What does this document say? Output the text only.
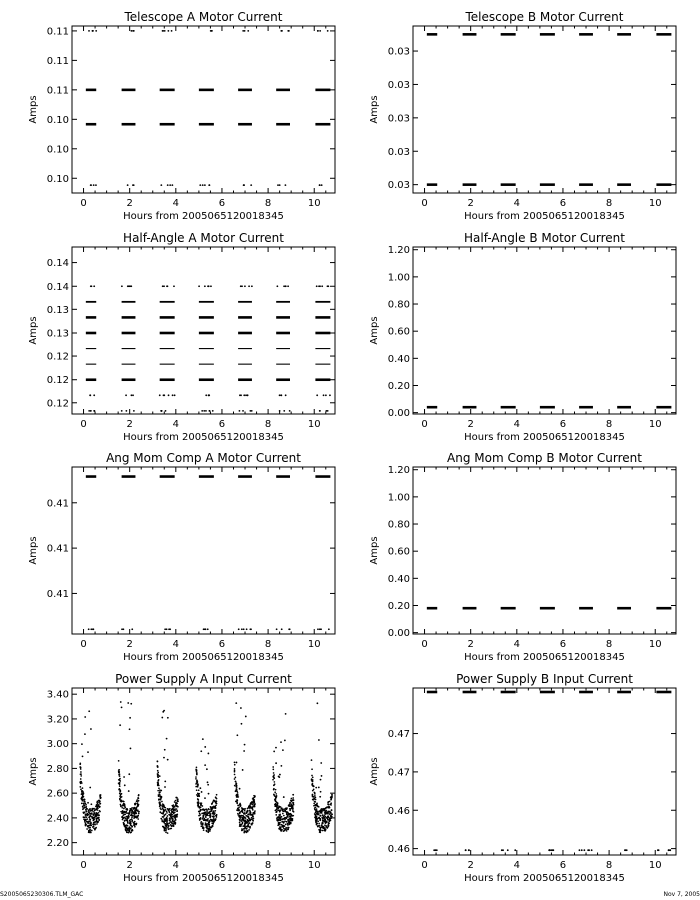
Telescope A Motor Current
Hours from 2005065120018345
Amps
0	2	4	6	8	10
0.10
0.10
0.10
0.11
0.11
0.11
Telescope B Motor Current
Hours from 2005065120018345
Amps
0	2	4	6	8	10
0.03
0.03
0.03
0.03
0.03
Half-Angle A Motor Current
Hours from 2005065120018345
Amps
0	2	4	6	8	10
0.12
0.12
0.12
0.13
0.13
0.14
0.14
Half-Angle B Motor Current
Hours from 2005065120018345
Amps
0	2	4	6	8	10
0.00
0.20
0.40
0.60
0.80
1.00
1.20
Ang Mom Comp A Motor Current
Hours from 2005065120018345
Amps
0	2	4	6	8	10
0.41
0.41
0.41
Ang Mom Comp B Motor Current
Hours from 2005065120018345
Amps
0	2	4	6	8	10
0.00
0.20
0.40
0.60
0.80
1.00
1.20
Power Supply A Input Current
Hours from 2005065120018345
Amps
0	2	4	6	8	10
2.20
2.40
2.60
2.80
3.00
3.20
3.40
Power Supply B Input Current
Hours from 2005065120018345
Amps
0	2	4	6	8	10
0.46
0.46
0.47
0.47
S2005065230306.TLM_GAC	Nov 7, 2005
